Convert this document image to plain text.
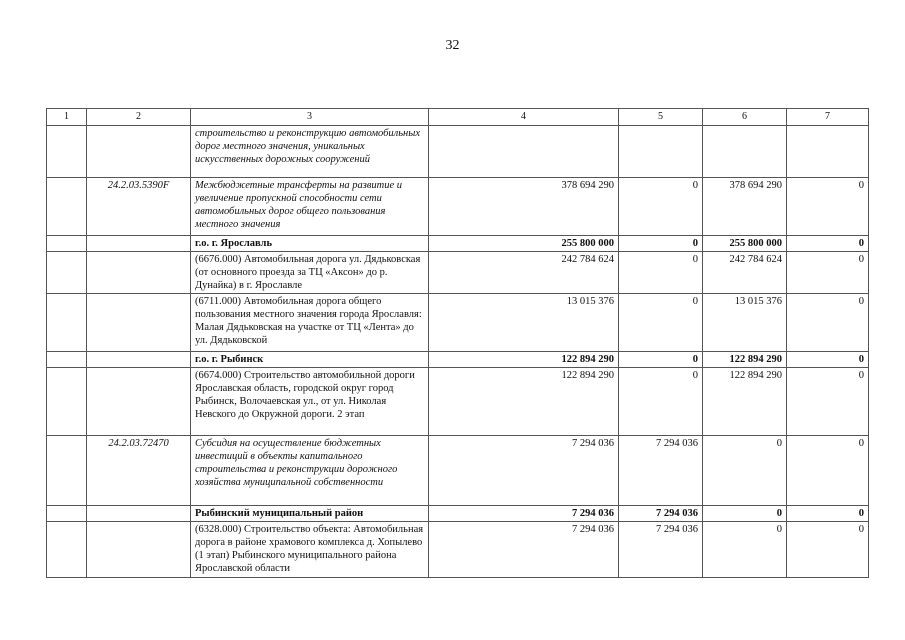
32
1	2	3	4	5	6	7
		строительство и реконструкцию автомобильных дорог местного значения, уникальных искусственных дорожных сооружений				
	24.2.03.5390F	Межбюджетные трансферты на развитие и увеличение пропускной способности сети автомобильных дорог общего пользования местного значения	378 694 290	0	378 694 290	0
		г.о. г. Ярославль	255 800 000	0	255 800 000	0
		(6676.000) Автомобильная дорога ул. Дядьковская (от основного проезда за ТЦ «Аксон» до р. Дунайка) в г. Ярославле	242 784 624	0	242 784 624	0
		(6711.000) Автомобильная дорога общего пользования местного значения города Ярославля: Малая Дядьковская на участке от ТЦ «Лента» до ул. Дядьковской	13 015 376	0	13 015 376	0
		г.о. г. Рыбинск	122 894 290	0	122 894 290	0
		(6674.000) Строительство автомобильной дороги Ярославская область, городской округ город Рыбинск, Волочаевская ул., от ул. Николая Невского до Окружной дороги. 2 этап	122 894 290	0	122 894 290	0
	24.2.03.72470	Субсидия на осуществление бюджетных инвестиций в объекты капитального строительства и реконструкции дорожного хозяйства муниципальной собственности	7 294 036	7 294 036	0	0
		Рыбинский муниципальный район	7 294 036	7 294 036	0	0
		(6328.000) Строительство объекта: Автомобильная дорога в районе храмового комплекса д. Хопылево (1 этап) Рыбинского муниципального района Ярославской области	7 294 036	7 294 036	0	0
